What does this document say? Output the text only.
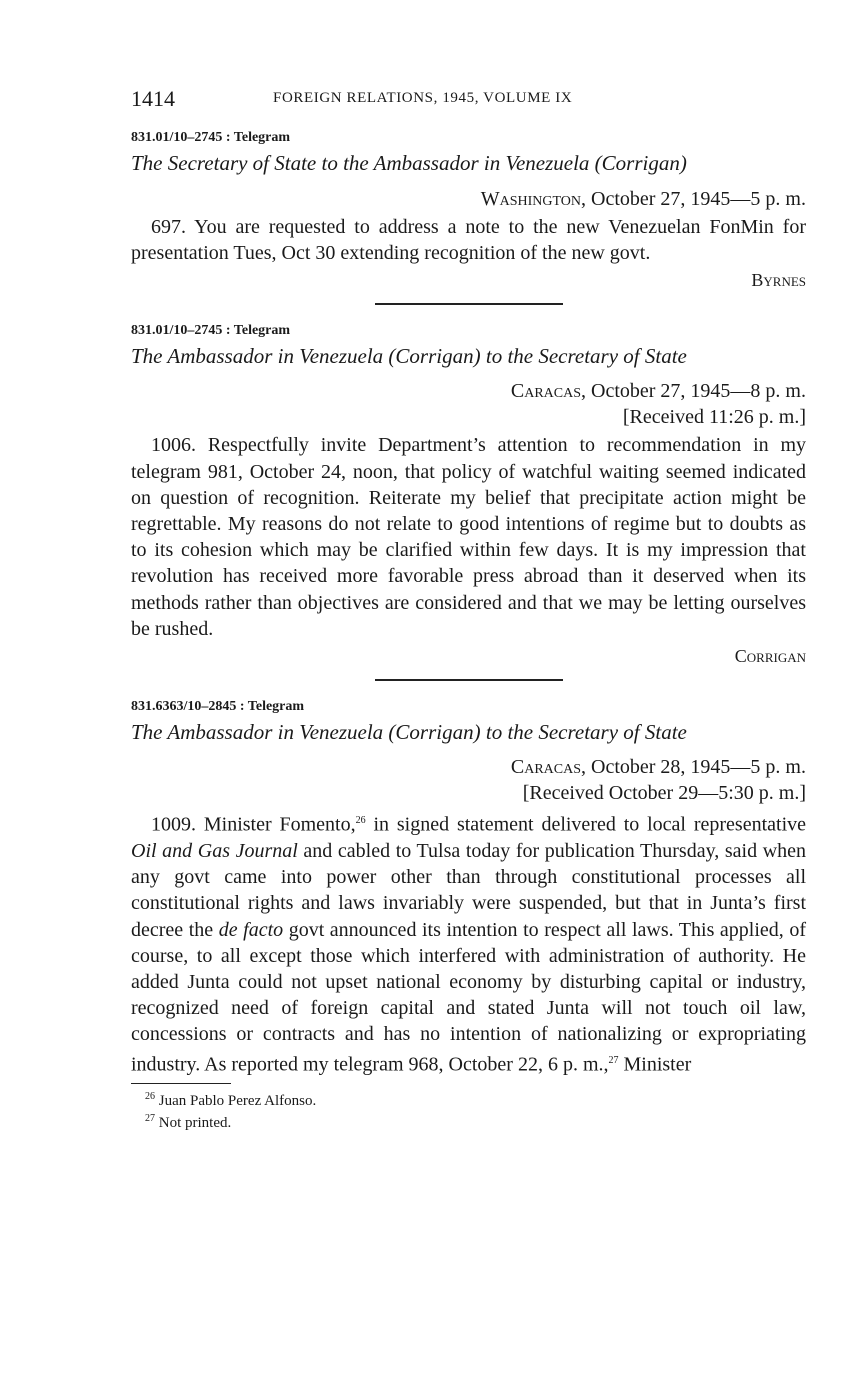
1414	FOREIGN RELATIONS, 1945, VOLUME IX
831.01/10–2745 : Telegram
The Secretary of State to the Ambassador in Venezuela (Corrigan)
Washington, October 27, 1945—5 p. m.

697. You are requested to address a note to the new Venezuelan FonMin for presentation Tues, Oct 30 extending recognition of the new govt.

Byrnes
831.01/10–2745 : Telegram
The Ambassador in Venezuela (Corrigan) to the Secretary of State
Caracas, October 27, 1945—8 p. m.
[Received 11:26 p. m.]

1006. Respectfully invite Department’s attention to recommendation in my telegram 981, October 24, noon, that policy of watchful waiting seemed indicated on question of recognition. Reiterate my belief that precipitate action might be regrettable. My reasons do not relate to good intentions of regime but to doubts as to its cohesion which may be clarified within few days. It is my impression that revolution has received more favorable press abroad than it deserved when its methods rather than objectives are considered and that we may be letting ourselves be rushed.

Corrigan
831.6363/10–2845 : Telegram
The Ambassador in Venezuela (Corrigan) to the Secretary of State
Caracas, October 28, 1945—5 p. m.
[Received October 29—5:30 p. m.]

1009. Minister Fomento,$^{26}$ in signed statement delivered to local representative Oil and Gas Journal and cabled to Tulsa today for publication Thursday, said when any govt came into power other than through constitutional processes all constitutional rights and laws invariably were suspended, but that in Junta’s first decree the de facto govt announced its intention to respect all laws. This applied, of course, to all except those which interfered with administration of authority. He added Junta could not upset national economy by disturbing capital or industry, recognized need of foreign capital and stated Junta will not touch oil law, concessions or contracts and has no intention of nationalizing or expropriating industry. As reported my telegram 968, October 22, 6 p. m.,$^{27}$ Minister

$^{26}$ Juan Pablo Perez Alfonso.
$^{27}$ Not printed.
